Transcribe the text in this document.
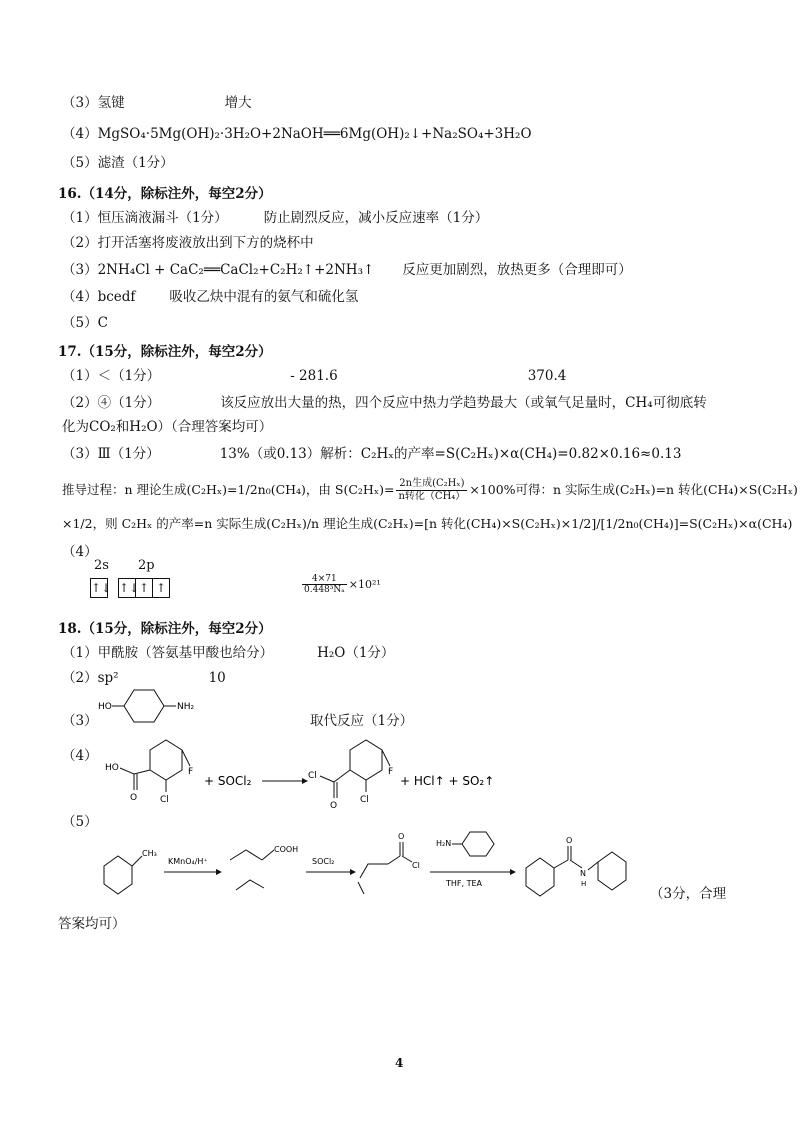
（3）氢键	增大
（4）MgSO₄·5Mg(OH)₂·3H₂O+2NaOH══6Mg(OH)₂↓+Na₂SO₄+3H₂O
（5）滤渣（1分）
16.（14分，除标注外，每空2分）
（1）恒压滴液漏斗（1分）	防止剧烈反应，减小反应速率（1分）
（2）打开活塞将废液放出到下方的烧杯中
（3）2NH₄Cl + CaC₂══CaCl₂+C₂H₂↑+2NH₃↑ 反应更加剧烈，放热更多（合理即可）
（4）bcedf	吸收乙炔中混有的氨气和硫化氢
（5）C
17.（15分，除标注外，每空2分）
（1）＜（1分）	- 281.6	370.4
（2）④（1分）	该反应放出大量的热，四个反应中热力学趋势最大（或氧气足量时，CH₄可彻底转
化为CO₂和H₂O）（合理答案均可）
（3）Ⅲ（1分）	13%（或0.13）解析：C₂Hₓ的产率=S(C₂Hₓ)×α(CH₄)=0.82×0.16≈0.13
推导过程：n 理论生成(C₂Hₓ)=1/2n₀(CH₄)，由 $S(C_2H_x)= \frac{\text{2n生成(C₂Hₓ)}}{\text{n转化（CH₄）}} \times 100\%$可得：n 实际生成(C₂Hₓ)=n 转化(CH₄)×S(C₂Hₓ)
×1/2，则 C₂Hₓ 的产率=n 实际生成(C₂Hₓ)/n 理论生成(C₂Hₓ)=[n 转化(CH₄)×S(C₂Hₓ)×1/2]/[1/2n₀(CH₄)]=S(C₂Hₓ)×α(CH₄)
（4）
2s 2p
↑↓ ↑↓ ↑ ↑	$\frac{4\times 71}{\text{0.448³Nₐ}} \times 10^{21}$
18.（15分，除标注外，每空2分）
（1）甲酰胺（答氨基甲酸也给分）	H₂O（1分）
（2）sp²	10
（3）	取代反应（1分）
HO	NH₂
（4）
HO
O
F
Cl
+ SOCl₂	Cl
O
F
Cl
+ HCl↑ + SO₂↑
（5）
CH₃
KMnO₄/H⁺
COOH
SOCl₂
O
Cl
H₂N
THF, TEA
O
N
H
（3分，合理
答案均可）
4
